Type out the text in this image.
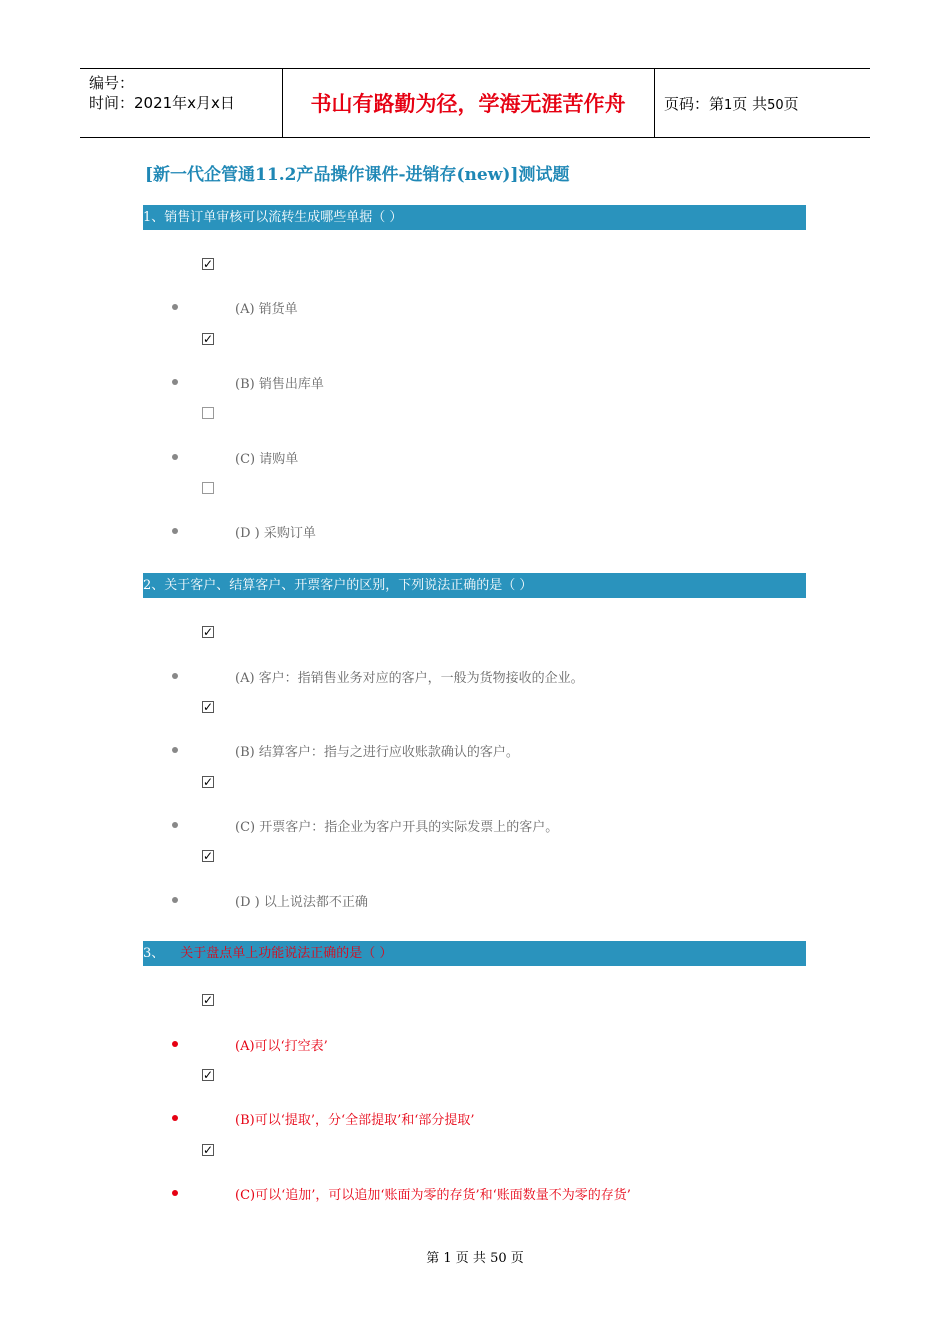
编号：
时间：2021年x月x日	书山有路勤为径，学海无涯苦作舟	页码：第1页 共50页
[新一代企管通11.2产品操作课件-进销存(new)]测试题
1、销售订单审核可以流转生成哪些单据（ ）
✓
(A) 销货单
✓
(B) 销售出库单
(C) 请购单
(D ) 采购订单
2、关于客户、结算客户、开票客户的区别，下列说法正确的是（ ）
✓
(A) 客户：指销售业务对应的客户，一般为货物接收的企业。
✓
(B) 结算客户：指与之进行应收账款确认的客户。
✓
(C) 开票客户：指企业为客户开具的实际发票上的客户。
✓
(D ) 以上说法都不正确
3、 关于盘点单上功能说法正确的是（ ）
✓
(A)可以‘打空表’
✓
(B)可以‘提取’，分‘全部提取’和‘部分提取’
✓
(C)可以‘追加’，可以追加‘账面为零的存货’和‘账面数量不为零的存货’
第 1 页 共 50 页
